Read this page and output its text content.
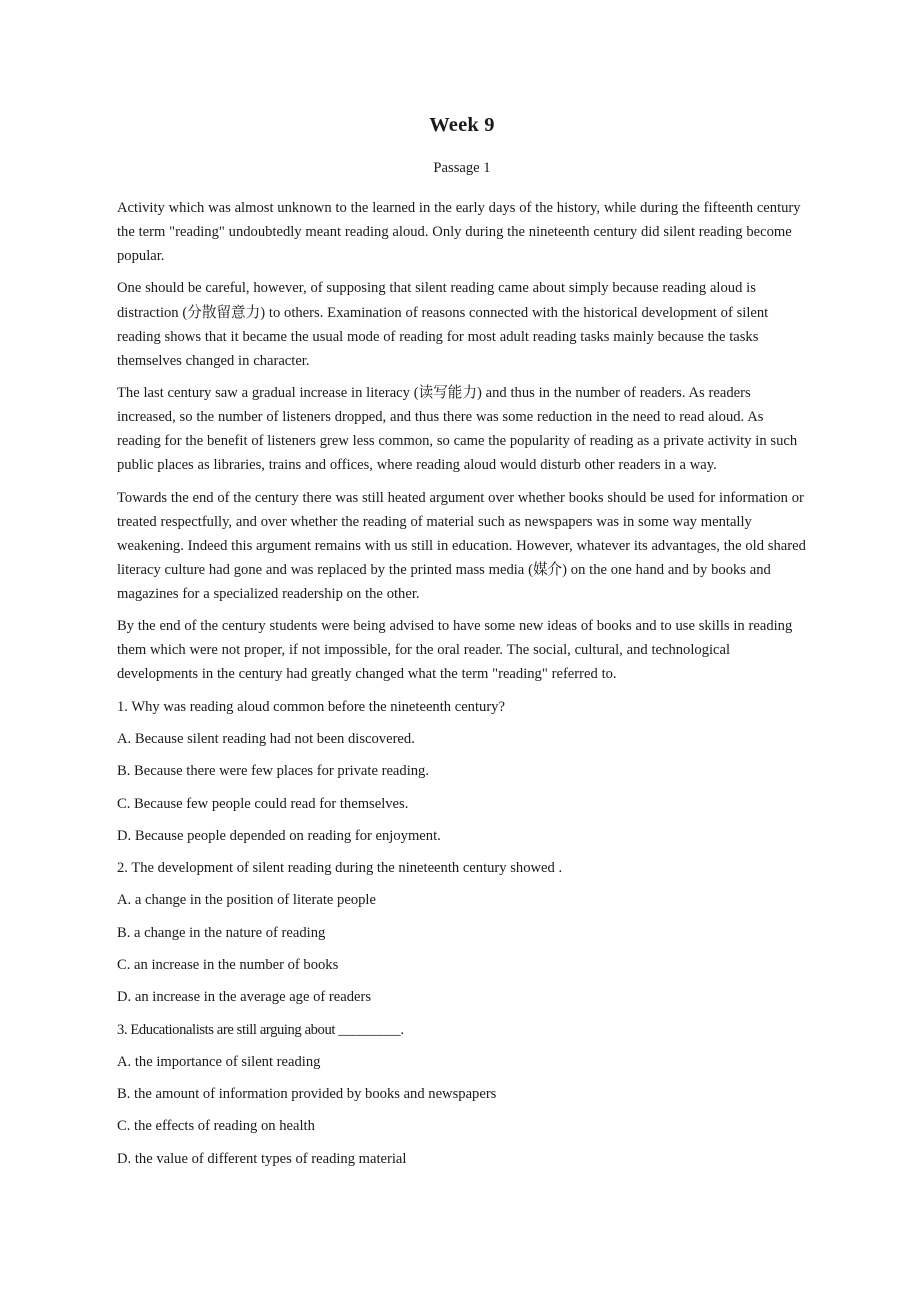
Week 9
Passage 1

Activity which was almost unknown to the learned in the early days of the history, while during the fifteenth century the term "reading" undoubtedly meant reading aloud. Only during the nineteenth century did silent reading become popular.

One should be careful, however, of supposing that silent reading came about simply because reading aloud is distraction (分散留意力) to others. Examination of reasons connected with the historical development of silent reading shows that it became the usual mode of reading for most adult reading tasks mainly because the tasks themselves changed in character.

The last century saw a gradual increase in literacy (读写能力) and thus in the number of readers. As readers increased, so the number of listeners dropped, and thus there was some reduction in the need to read aloud. As reading for the benefit of listeners grew less common, so came the popularity of reading as a private activity in such public places as libraries, trains and offices, where reading aloud would disturb other readers in a way.

Towards the end of the century there was still heated argument over whether books should be used for information or treated respectfully, and over whether the reading of material such as newspapers was in some way mentally weakening. Indeed this argument remains with us still in education. However, whatever its advantages, the old shared literacy culture had gone and was replaced by the printed mass media (媒介) on the one hand and by books and magazines for a specialized readership on the other.

By the end of the century students were being advised to have some new ideas of books and to use skills in reading them which were not proper, if not impossible, for the oral reader. The social, cultural, and technological developments in the century had greatly changed what the term "reading" referred to.

1. Why was reading aloud common before the nineteenth century?

A. Because silent reading had not been discovered.

B. Because there were few places for private reading.

C. Because few people could read for themselves.

D. Because people depended on reading for enjoyment.

2. The development of silent reading during the nineteenth century showed .

A. a change in the position of literate people

B. a change in the nature of reading

C. an increase in the number of books

D. an increase in the average age of readers

3. Educationalists are still arguing about _________.

A. the importance of silent reading

B. the amount of information provided by books and newspapers

C. the effects of reading on health

D. the value of different types of reading material
